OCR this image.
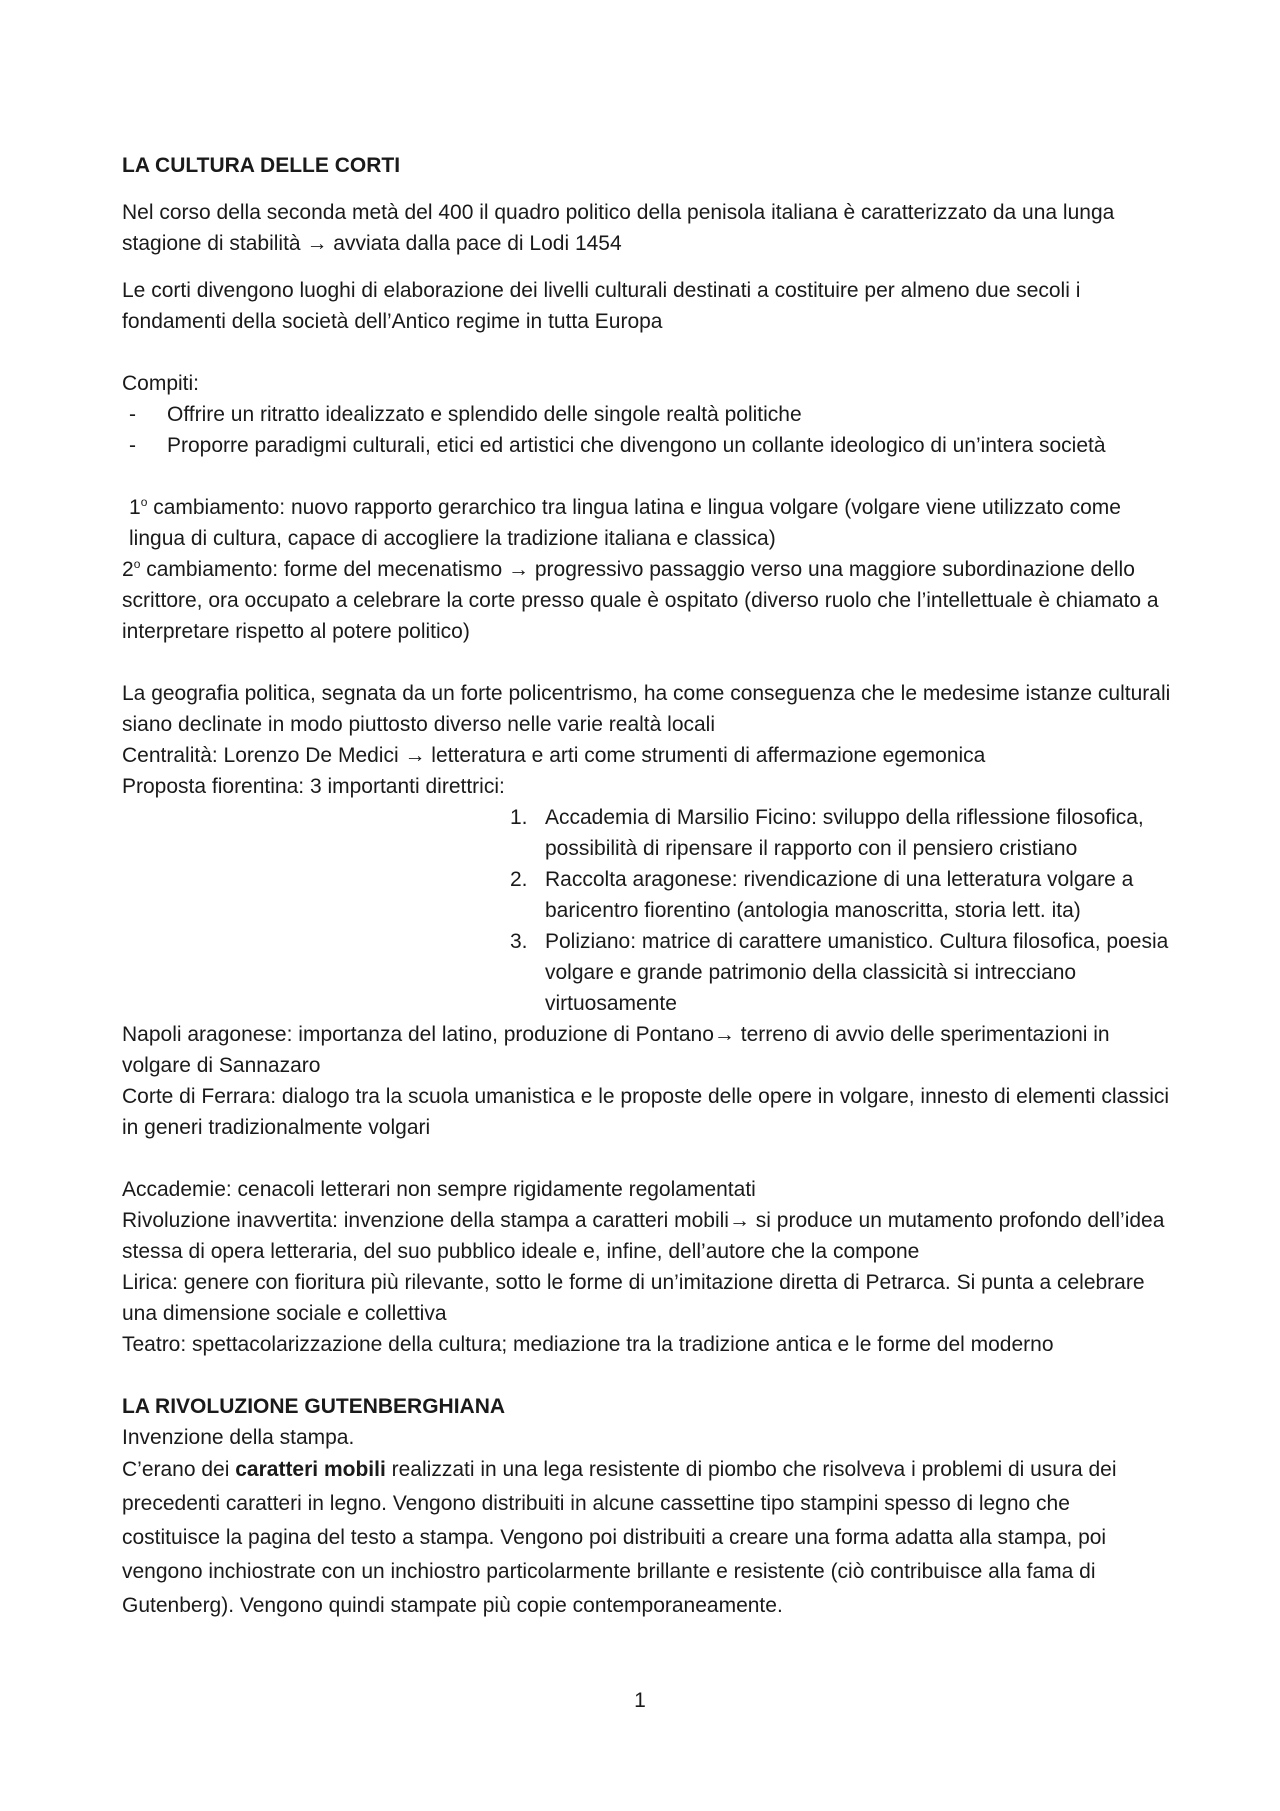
LA CULTURA DELLE CORTI

Nel corso della seconda metà del 400 il quadro politico della penisola italiana è caratterizzato da una lunga stagione di stabilità → avviata dalla pace di Lodi 1454

Le corti divengono luoghi di elaborazione dei livelli culturali destinati a costituire per almeno due secoli i fondamenti della società dell’Antico regime in tutta Europa

Compiti:

- Offrire un ritratto idealizzato e splendido delle singole realtà politiche
- Proporre paradigmi culturali, etici ed artistici che divengono un collante ideologico di un’intera società

1$^o$ cambiamento: nuovo rapporto gerarchico tra lingua latina e lingua volgare (volgare viene utilizzato come lingua di cultura, capace di accogliere la tradizione italiana e classica)

2$^o$ cambiamento: forme del mecenatismo → progressivo passaggio verso una maggiore subordinazione dello scrittore, ora occupato a celebrare la corte presso quale è ospitato (diverso ruolo che l’intellettuale è chiamato a interpretare rispetto al potere politico)

La geografia politica, segnata da un forte policentrismo, ha come conseguenza che le medesime istanze culturali siano declinate in modo piuttosto diverso nelle varie realtà locali

Centralità: Lorenzo De Medici → letteratura e arti come strumenti di affermazione egemonica

Proposta fiorentina: 3 importanti direttrici:

1. Accademia di Marsilio Ficino: sviluppo della riflessione filosofica, possibilità di ripensare il rapporto con il pensiero cristiano
2. Raccolta aragonese: rivendicazione di una letteratura volgare a baricentro fiorentino (antologia manoscritta, storia lett. ita)
3. Poliziano: matrice di carattere umanistico. Cultura filosofica, poesia volgare e grande patrimonio della classicità si intrecciano virtuosamente

Napoli aragonese: importanza del latino, produzione di Pontano→ terreno di avvio delle sperimentazioni in volgare di Sannazaro

Corte di Ferrara: dialogo tra la scuola umanistica e le proposte delle opere in volgare, innesto di elementi classici in generi tradizionalmente volgari

Accademie: cenacoli letterari non sempre rigidamente regolamentati

Rivoluzione inavvertita: invenzione della stampa a caratteri mobili→ si produce un mutamento profondo dell’idea stessa di opera letteraria, del suo pubblico ideale e, infine, dell’autore che la compone

Lirica: genere con fioritura più rilevante, sotto le forme di un’imitazione diretta di Petrarca. Si punta a celebrare una dimensione sociale e collettiva

Teatro: spettacolarizzazione della cultura; mediazione tra la tradizione antica e le forme del moderno

LA RIVOLUZIONE GUTENBERGHIANA

Invenzione della stampa.

C’erano dei caratteri mobili realizzati in una lega resistente di piombo che risolveva i problemi di usura dei precedenti caratteri in legno. Vengono distribuiti in alcune cassettine tipo stampini spesso di legno che costituisce la pagina del testo a stampa. Vengono poi distribuiti a creare una forma adatta alla stampa, poi vengono inchiostrate con un inchiostro particolarmente brillante e resistente (ciò contribuisce alla fama di Gutenberg). Vengono quindi stampate più copie contemporaneamente.

1
